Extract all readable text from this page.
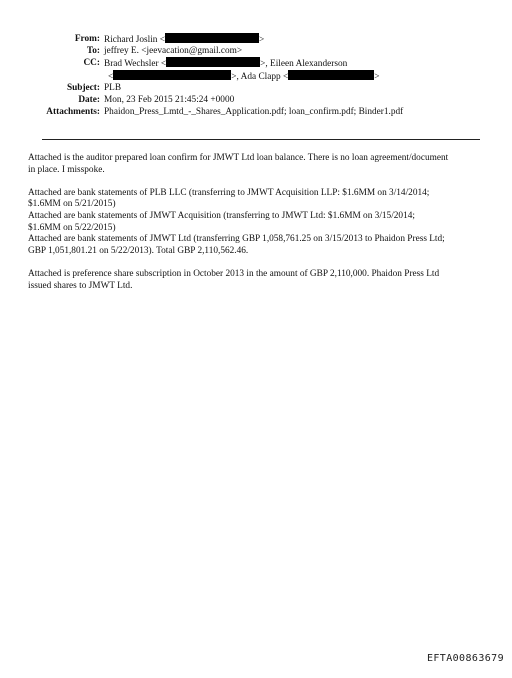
From: Richard Joslin <	>
To: jeffrey E. <jeevacation@gmail.com>
CC: Brad Wechsler <	>, Eileen Alexanderson
<	>, Ada Clapp <	>
Subject: PLB
Date: Mon, 23 Feb 2015 21:45:24 +0000
Attachments: Phaidon_Press_Lmtd_-_Shares_Application.pdf; loan_confirm.pdf; Binder1.pdf

Attached is the auditor prepared loan confirm for JMWT Ltd loan balance. There is no loan agreement/document
in place. I misspoke.

Attached are bank statements of PLB LLC (transferring to JMWT Acquisition LLP: $1.6MM on 3/14/2014;
$1.6MM on 5/21/2015)
Attached are bank statements of JMWT Acquisition (transferring to JMWT Ltd: $1.6MM on 3/15/2014;
$1.6MM on 5/22/2015)
Attached are bank statements of JMWT Ltd (transferring GBP 1,058,761.25 on 3/15/2013 to Phaidon Press Ltd;
GBP 1,051,801.21 on 5/22/2013). Total GBP 2,110,562.46.

Attached is preference share subscription in October 2013 in the amount of GBP 2,110,000. Phaidon Press Ltd
issued shares to JMWT Ltd.

EFTA00863679
